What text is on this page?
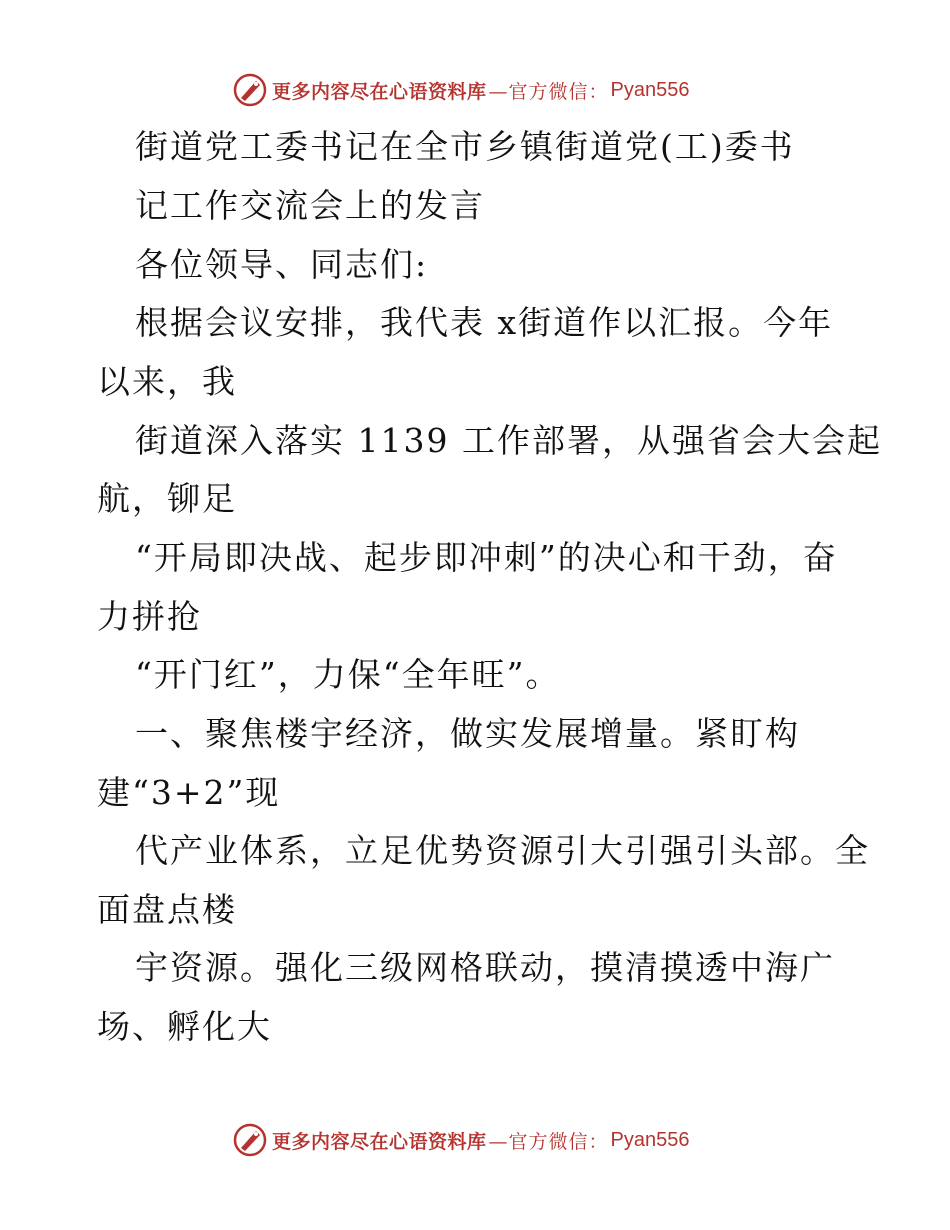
更多内容尽在心语资料库 —官方微信： Pyan556
街道党工委书记在全市乡镇街道党(工)委书
记工作交流会上的发言
各位领导、同志们:
根据会议安排，我代表 x街道作以汇报。今年
以来，我
街道深入落实 1139 工作部署，从强省会大会起
航，铆足
“开局即决战、起步即冲刺”的决心和干劲，奋
力拼抢
“开门红”，力保“全年旺”。
一、聚焦楼宇经济，做实发展增量。紧盯构
建“3+2”现
代产业体系，立足优势资源引大引强引头部。全
面盘点楼
宇资源。强化三级网格联动，摸清摸透中海广
场、孵化大
更多内容尽在心语资料库 —官方微信： Pyan556
